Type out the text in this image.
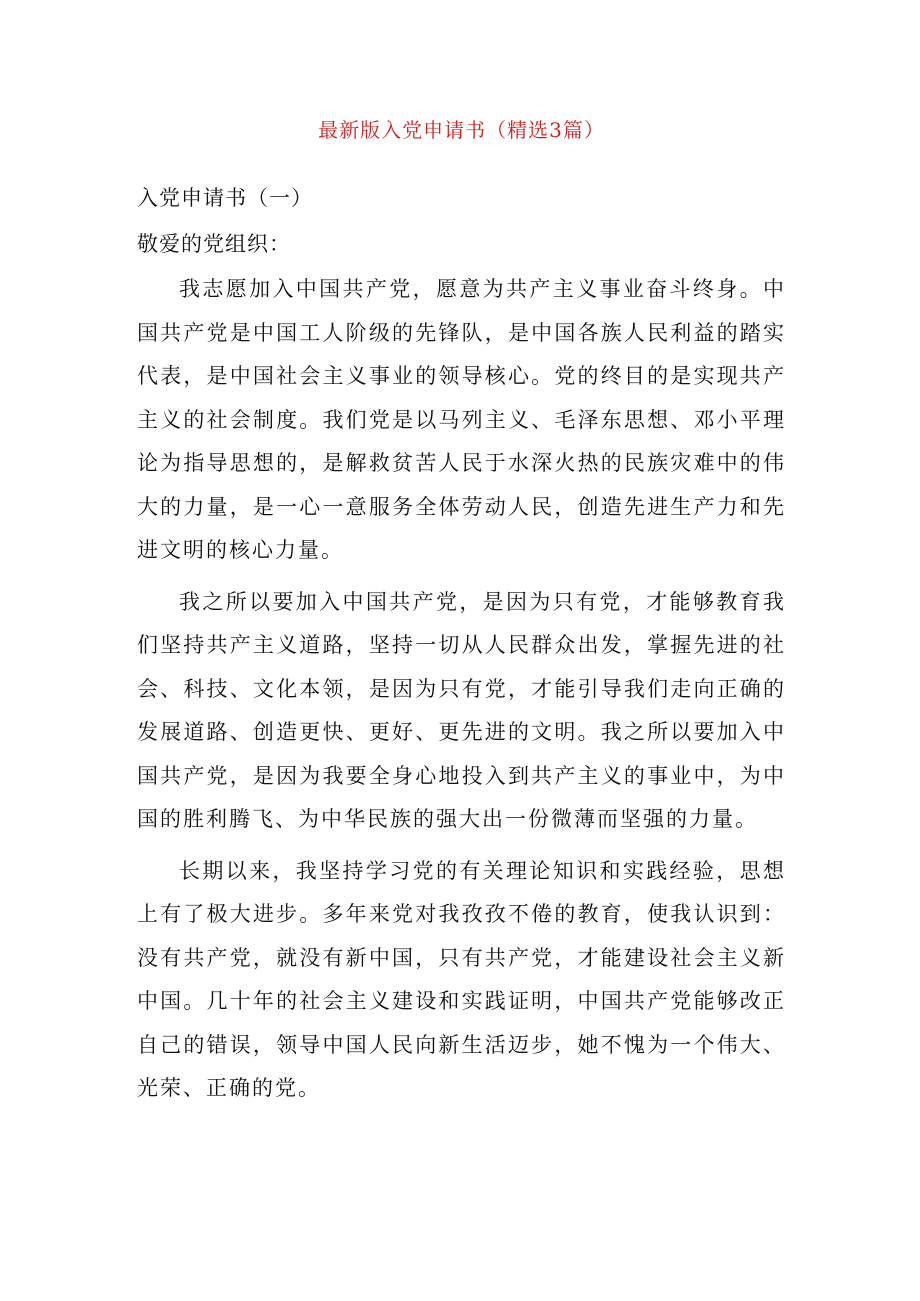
最新版入党申请书（精选3篇）
入党申请书（一）
敬爱的党组织：

我志愿加入中国共产党，愿意为共产主义事业奋斗终身。中国共产党是中国工人阶级的先锋队，是中国各族人民利益的踏实代表，是中国社会主义事业的领导核心。党的终目的是实现共产主义的社会制度。我们党是以马列主义、毛泽东思想、邓小平理论为指导思想的，是解救贫苦人民于水深火热的民族灾难中的伟大的力量，是一心一意服务全体劳动人民，创造先进生产力和先进文明的核心力量。

我之所以要加入中国共产党，是因为只有党，才能够教育我们坚持共产主义道路，坚持一切从人民群众出发，掌握先进的社会、科技、文化本领，是因为只有党，才能引导我们走向正确的发展道路、创造更快、更好、更先进的文明。我之所以要加入中国共产党，是因为我要全身心地投入到共产主义的事业中，为中国的胜利腾飞、为中华民族的强大出一份微薄而坚强的力量。

长期以来，我坚持学习党的有关理论知识和实践经验，思想上有了极大进步。多年来党对我孜孜不倦的教育，使我认识到：没有共产党，就没有新中国，只有共产党，才能建设社会主义新中国。几十年的社会主义建设和实践证明，中国共产党能够改正自己的错误，领导中国人民向新生活迈步，她不愧为一个伟大、光荣、正确的党。
